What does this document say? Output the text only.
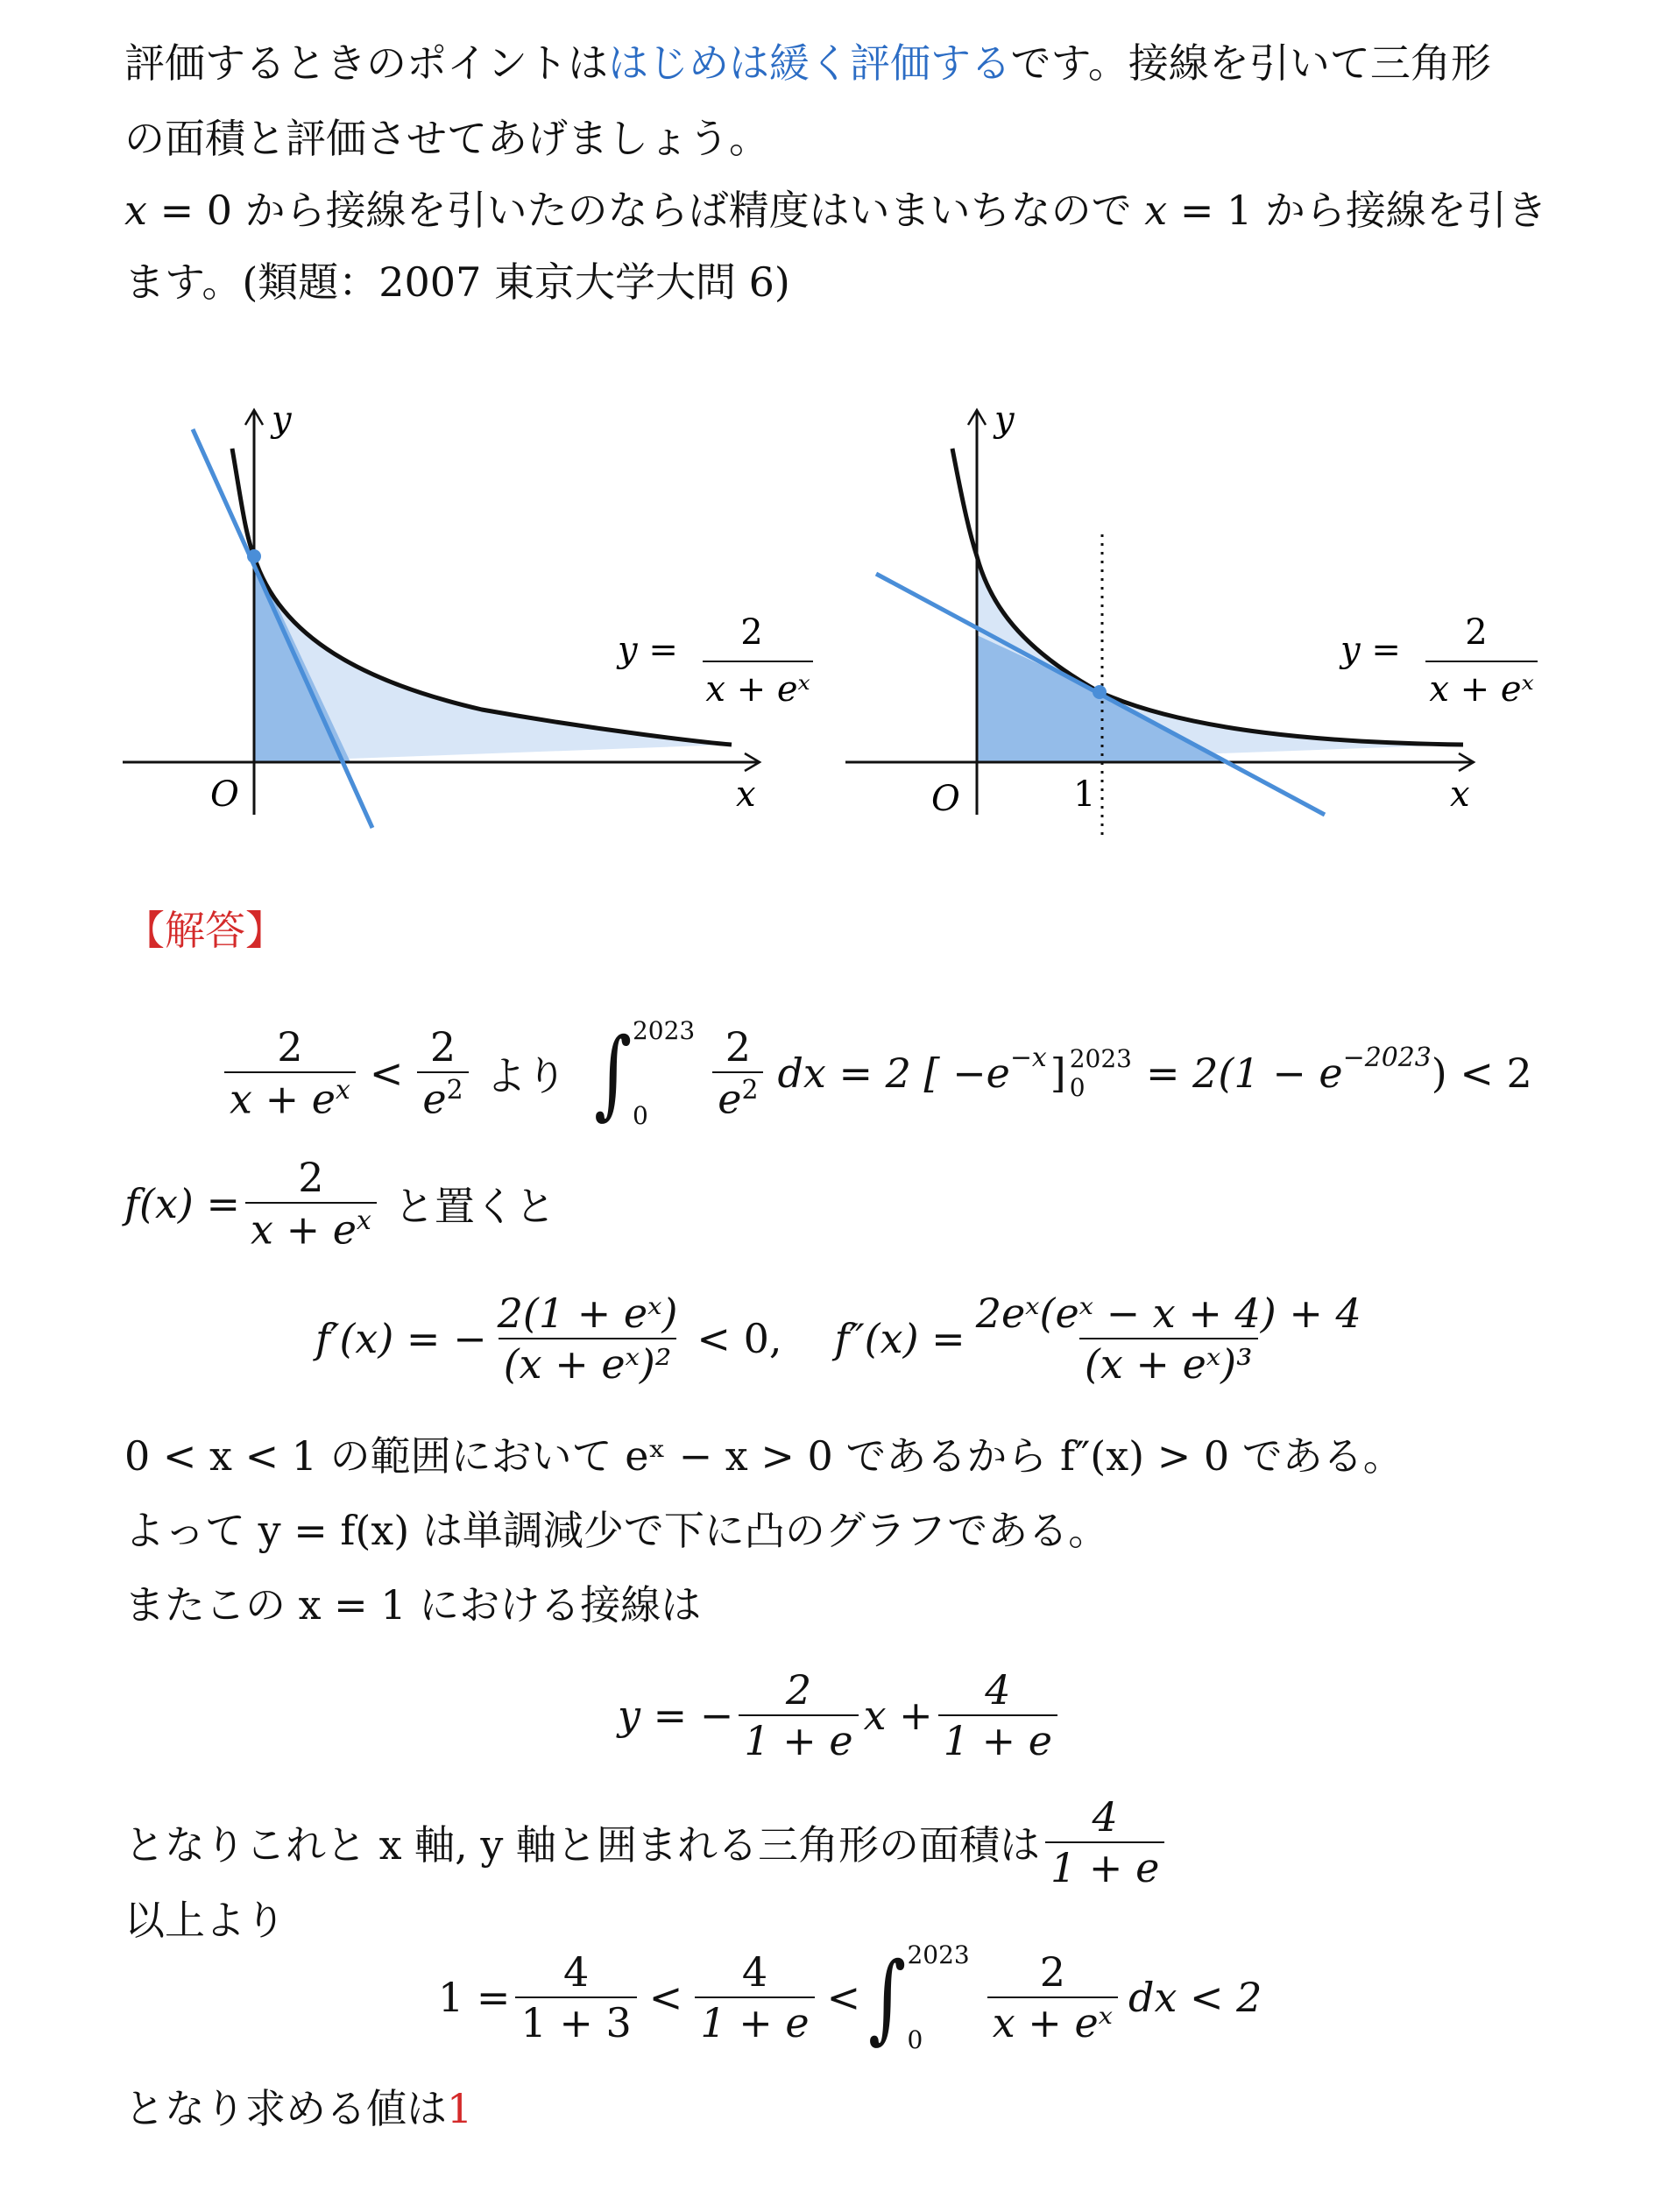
評価するときのポイントははじめは緩く評価するです。接線を引いて三角形
の面積と評価させてあげましょう。
x = 0 から接線を引いたのならば精度はいまいちなので x = 1 から接線を引き
ます。(類題：2007 東京大学大問 6)
y
x
O
y = 2
x + eˣ
y
x
O	1
y = 2
x + eˣ
【解答】
$\frac{2}{x + e^x} < \frac{2}{e^2}$ より ∫ 2023
0	$\frac{2}{e^2}$ dx = 2 [ $-e^{-x}$ ] 2023
0	= $2(1 - e^{-2023}$ ) < 2
$f(x) = \frac{2}{x + e^x}$ と置くと
f′(x) = − $\frac{\text{2(1 + eˣ)}}{\text{(x + eˣ)²}} < 0$, $f''(x) = \frac{\text{2eˣ(eˣ − x + 4) + 4}}{\text{(x + eˣ)³}}$
0 < x < 1 の範囲において eˣ − x > 0 であるから f″(x) > 0 である。
よって y = f(x) は単調減少で下に凸のグラフである。
またこの x = 1 における接線は
y = − $\frac{2}{1 + e}$ $x + \frac{4}{1 + e}$
となりこれと x 軸, y 軸と囲まれる三角形の面積は $\frac{4}{1 + e}$
以上より
$1 = \frac{4}{1 + 3} < \frac{4}{1 + e}$ < ∫ 2023
0	$\frac{2}{\text{x + eˣ}}$ dx < 2
となり求める値は1
